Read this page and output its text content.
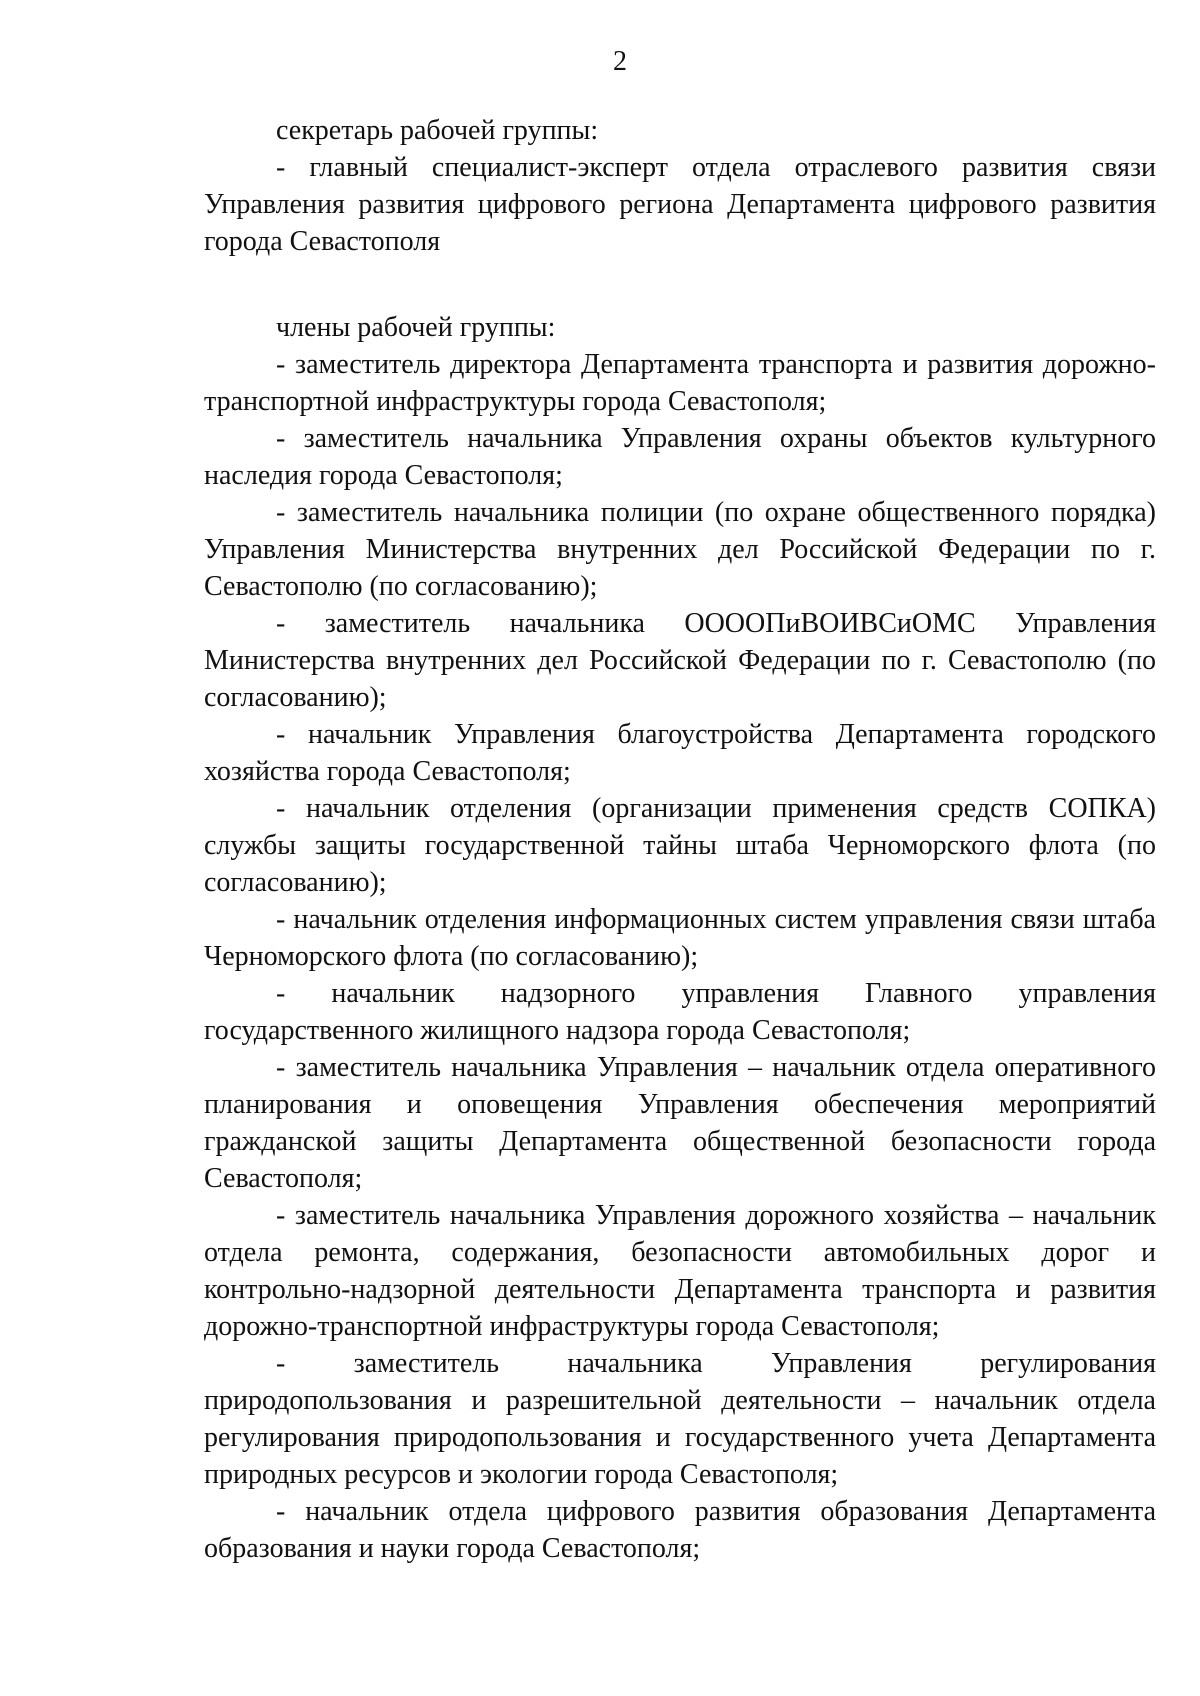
2

секретарь рабочей группы:

- главный специалист-эксперт отдела отраслевого развития связи Управления развития цифрового региона Департамента цифрового развития города Севастополя

члены рабочей группы:

- заместитель директора Департамента транспорта и развития дорожно-транспортной инфраструктуры города Севастополя;

- заместитель начальника Управления охраны объектов культурного наследия города Севастополя;

- заместитель начальника полиции (по охране общественного порядка) Управления Министерства внутренних дел Российской Федерации по г. Севастополю (по согласованию);

- заместитель начальника ООООПиВОИВСиОМС Управления Министерства внутренних дел Российской Федерации по г. Севастополю (по согласованию);

- начальник Управления благоустройства Департамента городского хозяйства города Севастополя;

- начальник отделения (организации применения средств СОПКА) службы защиты государственной тайны штаба Черноморского флота (по согласованию);

- начальник отделения информационных систем управления связи штаба Черноморского флота (по согласованию);

- начальник надзорного управления Главного управления государственного жилищного надзора города Севастополя;

- заместитель начальника Управления – начальник отдела оперативного планирования и оповещения Управления обеспечения мероприятий гражданской защиты Департамента общественной безопасности города Севастополя;

- заместитель начальника Управления дорожного хозяйства – начальник отдела ремонта, содержания, безопасности автомобильных дорог и контрольно-надзорной деятельности Департамента транспорта и развития дорожно-транспортной инфраструктуры города Севастополя;

- заместитель начальника Управления регулирования природопользования и разрешительной деятельности – начальник отдела регулирования природопользования и государственного учета Департамента природных ресурсов и экологии города Севастополя;

- начальник отдела цифрового развития образования Департамента образования и науки города Севастополя;
